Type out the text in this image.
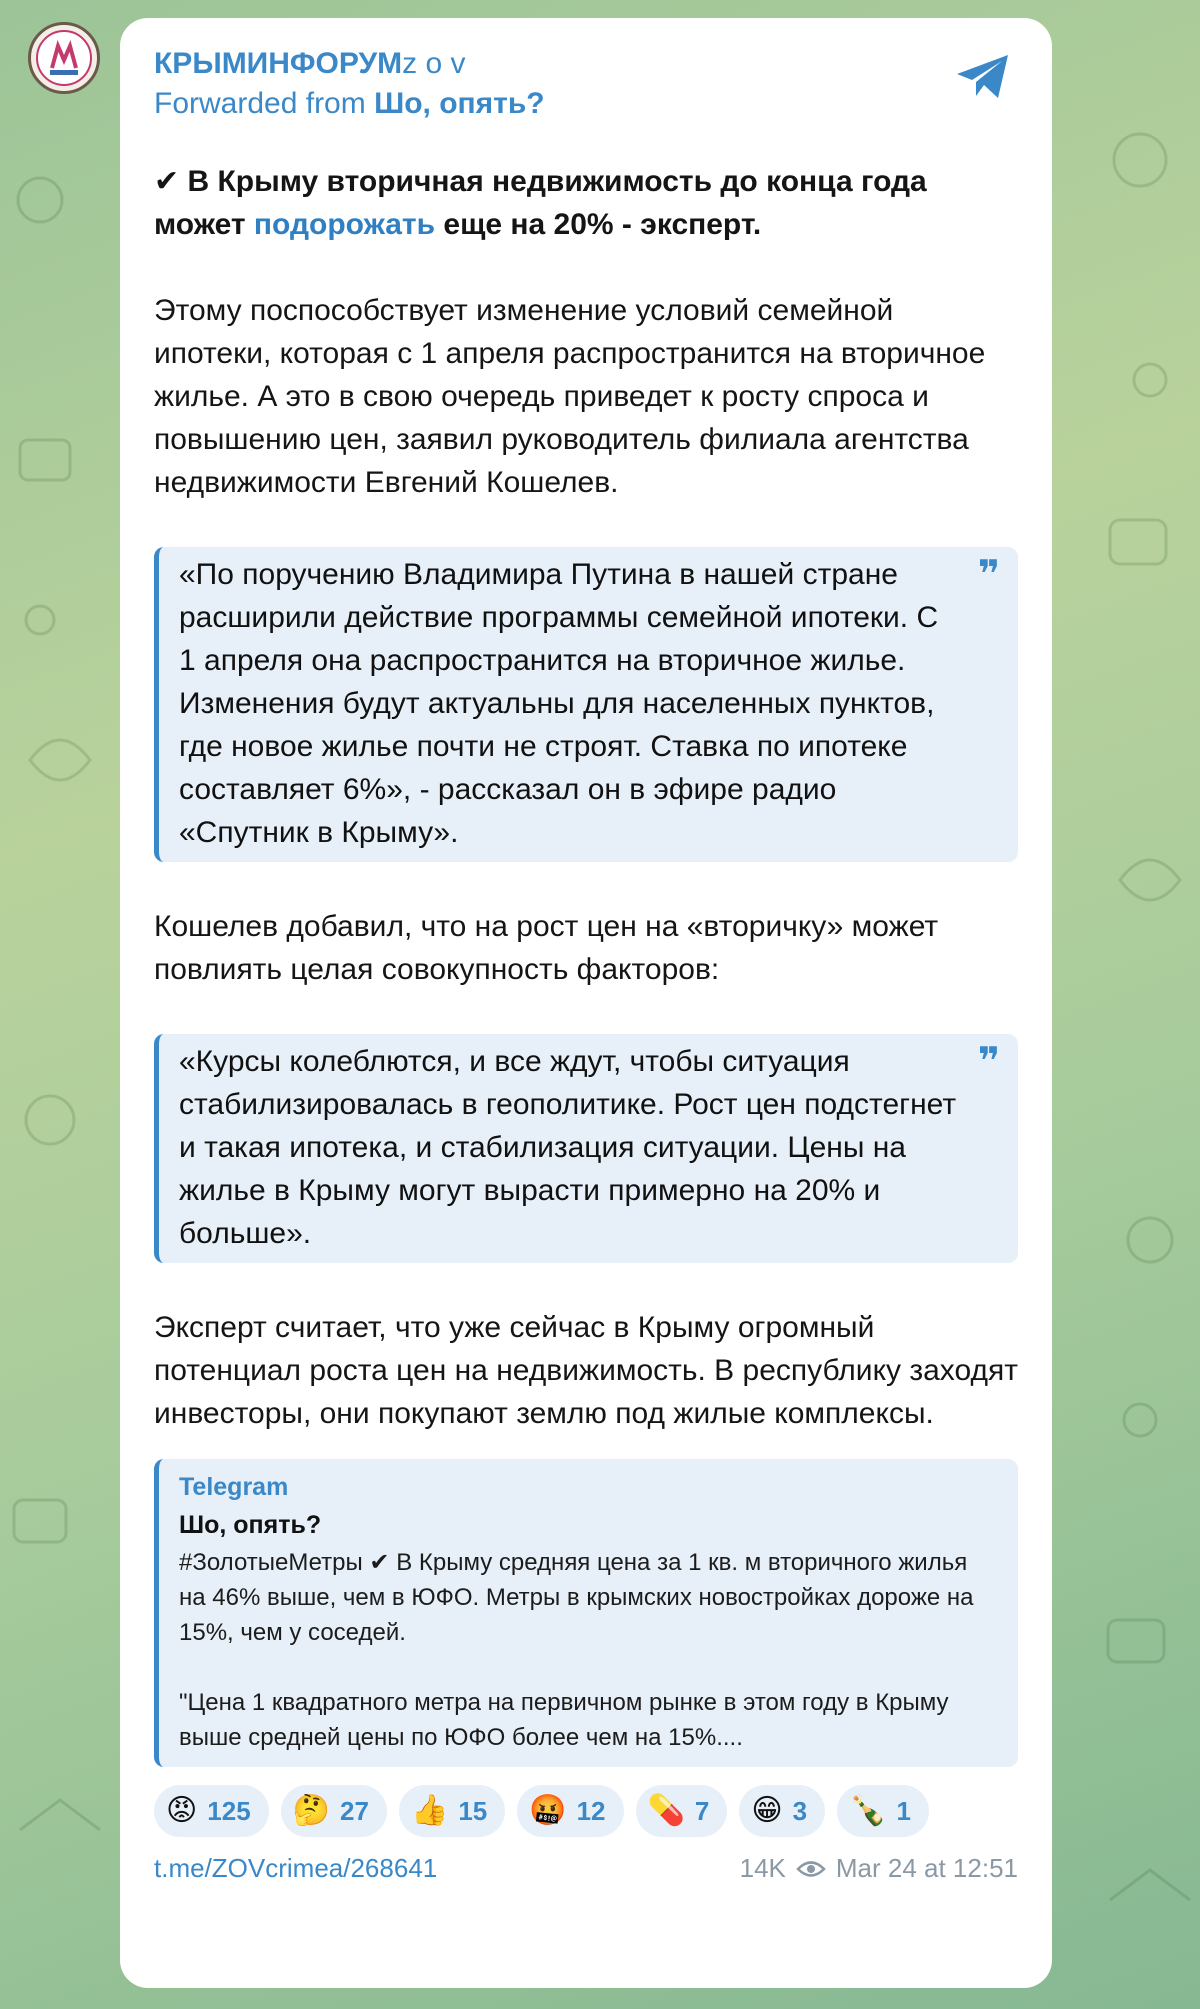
КРЫМИНФОРУМz o v
Forwarded from Шо, опять?
✔ В Крыму вторичная недвижимость до конца года может подорожать еще на 20% - эксперт.
Этому поспособствует изменение условий семейной ипотеки, которая с 1 апреля распространится на вторичное жилье. А это в свою очередь приведет к росту спроса и повышению цен, заявил руководитель филиала агентства недвижимости Евгений Кошелев.
❞
«По поручению Владимира Путина в нашей стране расширили действие программы семейной ипотеки. С 1 апреля она распространится на вторичное жилье. Изменения будут актуальны для населенных пунктов, где новое жилье почти не строят. Ставка по ипотеке составляет 6%», - рассказал он в эфире радио «Спутник в Крыму».
Кошелев добавил, что на рост цен на «вторичку» может повлиять целая совокупность факторов:
❞
«Курсы колеблются, и все ждут, чтобы ситуация стабилизировалась в геополитике. Рост цен подстегнет и такая ипотека, и стабилизация ситуации. Цены на жилье в Крыму могут вырасти примерно на 20% и больше».
Эксперт считает, что уже сейчас в Крыму огромный потенциал роста цен на недвижимость. В республику заходят инвесторы, они покупают землю под жилые комплексы.
Telegram
Шо, опять?
#ЗолотыеМетры ✔ В Крыму средняя цена за 1 кв. м вторичного жилья на 46% выше, чем в ЮФО. Метры в крымских новостройках дороже на 15%, чем у соседей.
"Цена 1 квадратного метра на первичном рынке в этом году в Крыму выше средней цены по ЮФО более чем на 15%....
😡 125 🤔 27 👍 15 🤬 12 💊 7 😁 3 🍾 1
t.me/ZOVcrimea/268641	14K Mar 24 at 12:51
